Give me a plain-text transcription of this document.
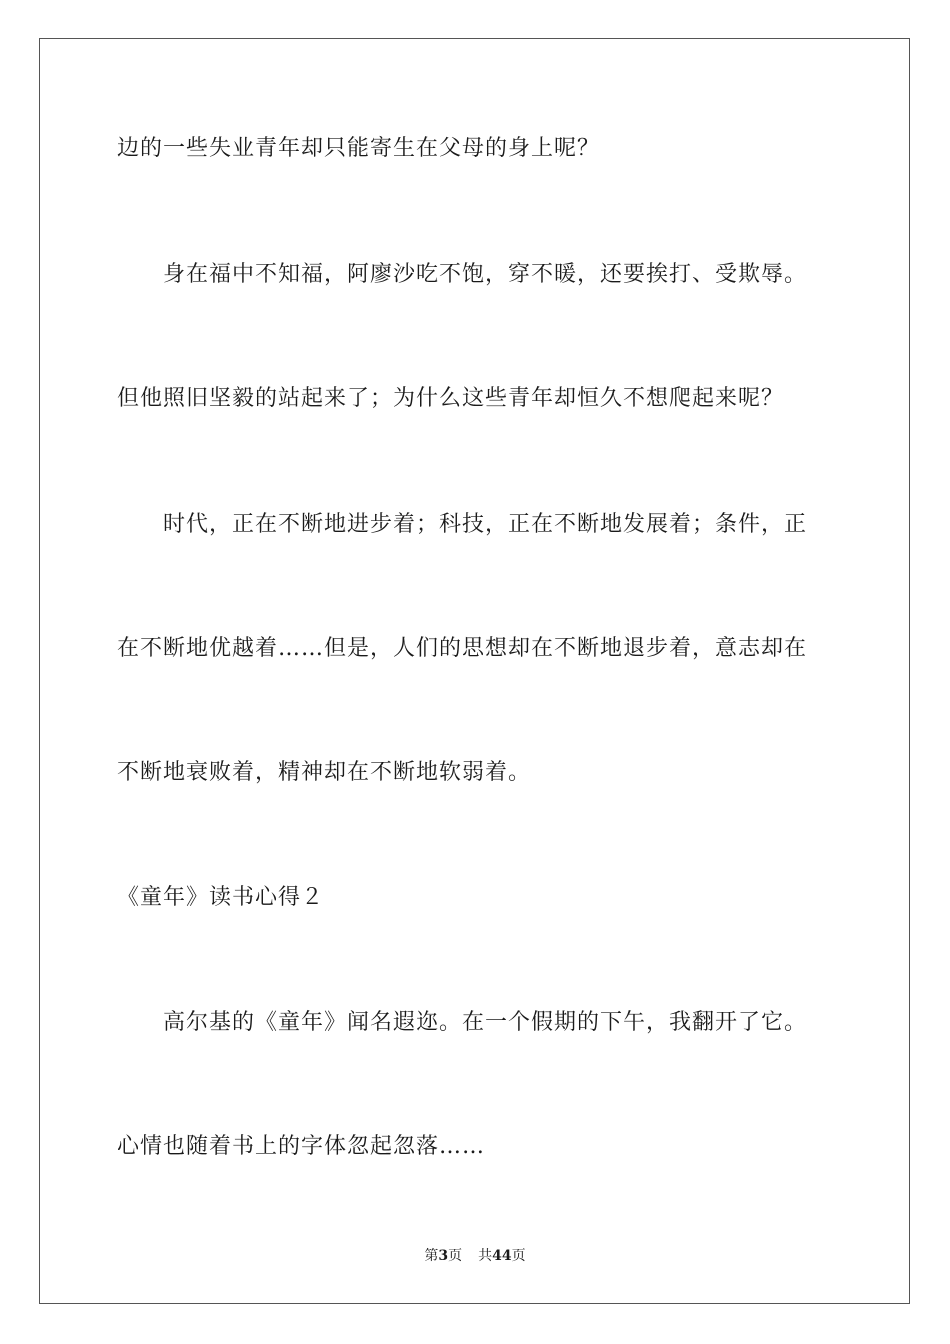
边的一些失业青年却只能寄生在父母的身上呢？

身在福中不知福，阿廖沙吃不饱，穿不暖，还要挨打、受欺辱。

但他照旧坚毅的站起来了；为什么这些青年却恒久不想爬起来呢？

时代，正在不断地进步着；科技，正在不断地发展着；条件，正

在不断地优越着……但是，人们的思想却在不断地退步着，意志却在

不断地衰败着，精神却在不断地软弱着。

《童年》读书心得２

高尔基的《童年》闻名遐迩。在一个假期的下午，我翻开了它。

心情也随着书上的字体忽起忽落……

第3页 共44页
